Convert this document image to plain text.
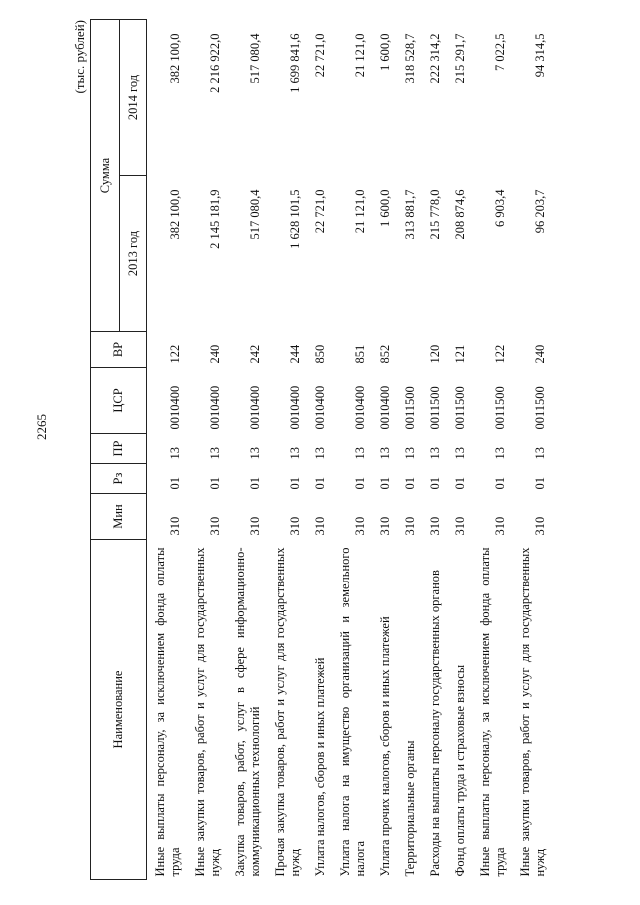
2265
(тыс. рублей)
Наименование	Мин	Рз	ПР	ЦСР	ВР	Сумма	
						2013 год	2014 год
Иные выплаты персоналу, за исключением фонда оплаты труда	310	01	13	0010400	122	382 100,0	382 100,0
Иные закупки товаров, работ и услуг для государственных нужд	310	01	13	0010400	240	2 145 181,9	2 216 922,0
Закупка товаров, работ, услуг в сфере информационно-коммуникационных технологий	310	01	13	0010400	242	517 080,4	517 080,4
Прочая закупка товаров, работ и услуг для государственных нужд	310	01	13	0010400	244	1 628 101,5	1 699 841,6
Уплата налогов, сборов и иных платежей	310	01	13	0010400	850	22 721,0	22 721,0
Уплата налога на имущество организаций и земельного налога	310	01	13	0010400	851	21 121,0	21 121,0
Уплата прочих налогов, сборов и иных платежей	310	01	13	0010400	852	1 600,0	1 600,0
Территориальные органы	310	01	13	0011500		313 881,7	318 528,7
Расходы на выплаты персоналу государственных органов	310	01	13	0011500	120	215 778,0	222 314,2
Фонд оплаты труда и страховые взносы	310	01	13	0011500	121	208 874,6	215 291,7
Иные выплаты персоналу, за исключением фонда оплаты труда	310	01	13	0011500	122	6 903,4	7 022,5
Иные закупки товаров, работ и услуг для государственных нужд	310	01	13	0011500	240	96 203,7	94 314,5
